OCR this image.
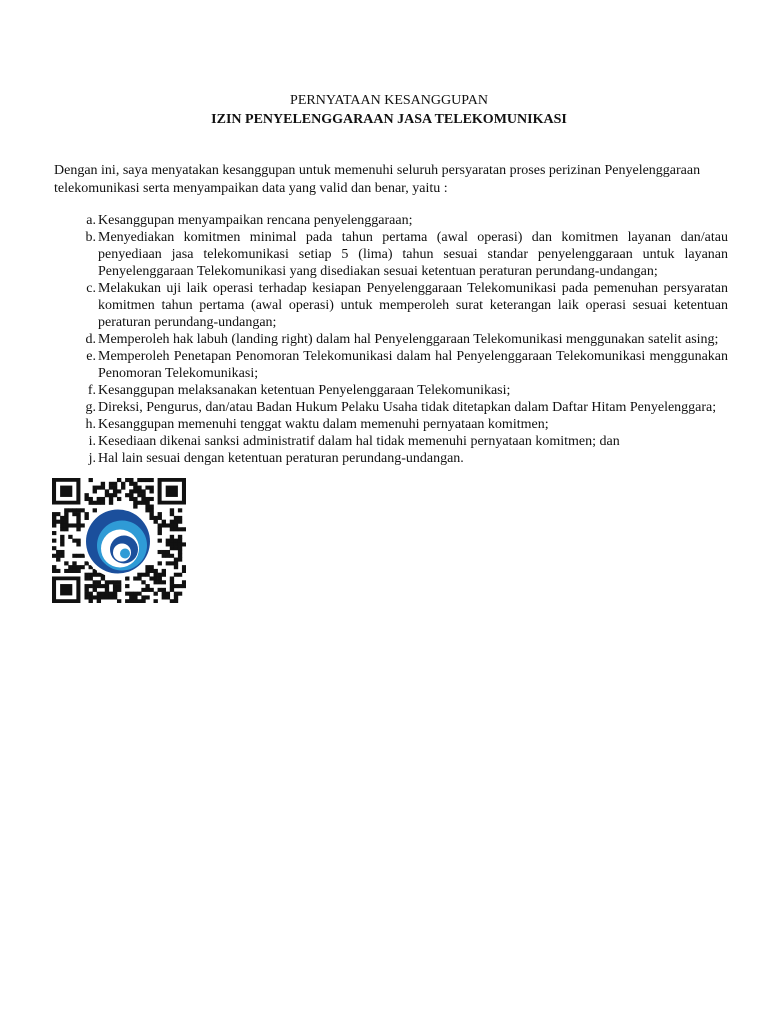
PERNYATAAN KESANGGUPAN
IZIN PENYELENGGARAAN JASA TELEKOMUNIKASI
Dengan ini, saya menyatakan kesanggupan untuk memenuhi seluruh persyaratan proses perizinan Penyelenggaraan telekomunikasi serta menyampaikan data yang valid dan benar, yaitu :
a. Kesanggupan menyampaikan rencana penyelenggaraan;
b. Menyediakan komitmen minimal pada tahun pertama (awal operasi) dan komitmen layanan dan/atau penyediaan jasa telekomunikasi setiap 5 (lima) tahun sesuai standar penyelenggaraan untuk layanan Penyelenggaraan Telekomunikasi yang disediakan sesuai ketentuan peraturan perundang-undangan;
c. Melakukan uji laik operasi terhadap kesiapan Penyelenggaraan Telekomunikasi pada pemenuhan persyaratan komitmen tahun pertama (awal operasi) untuk memperoleh surat keterangan laik operasi sesuai ketentuan peraturan perundang-undangan;
d. Memperoleh hak labuh (landing right) dalam hal Penyelenggaraan Telekomunikasi menggunakan satelit asing;
e. Memperoleh Penetapan Penomoran Telekomunikasi dalam hal Penyelenggaraan Telekomunikasi menggunakan Penomoran Telekomunikasi;
f. Kesanggupan melaksanakan ketentuan Penyelenggaraan Telekomunikasi;
g. Direksi, Pengurus, dan/atau Badan Hukum Pelaku Usaha tidak ditetapkan dalam Daftar Hitam Penyelenggara;
h. Kesanggupan memenuhi tenggat waktu dalam memenuhi pernyataan komitmen;
i. Kesediaan dikenai sanksi administratif dalam hal tidak memenuhi pernyataan komitmen; dan
j. Hal lain sesuai dengan ketentuan peraturan perundang-undangan.
